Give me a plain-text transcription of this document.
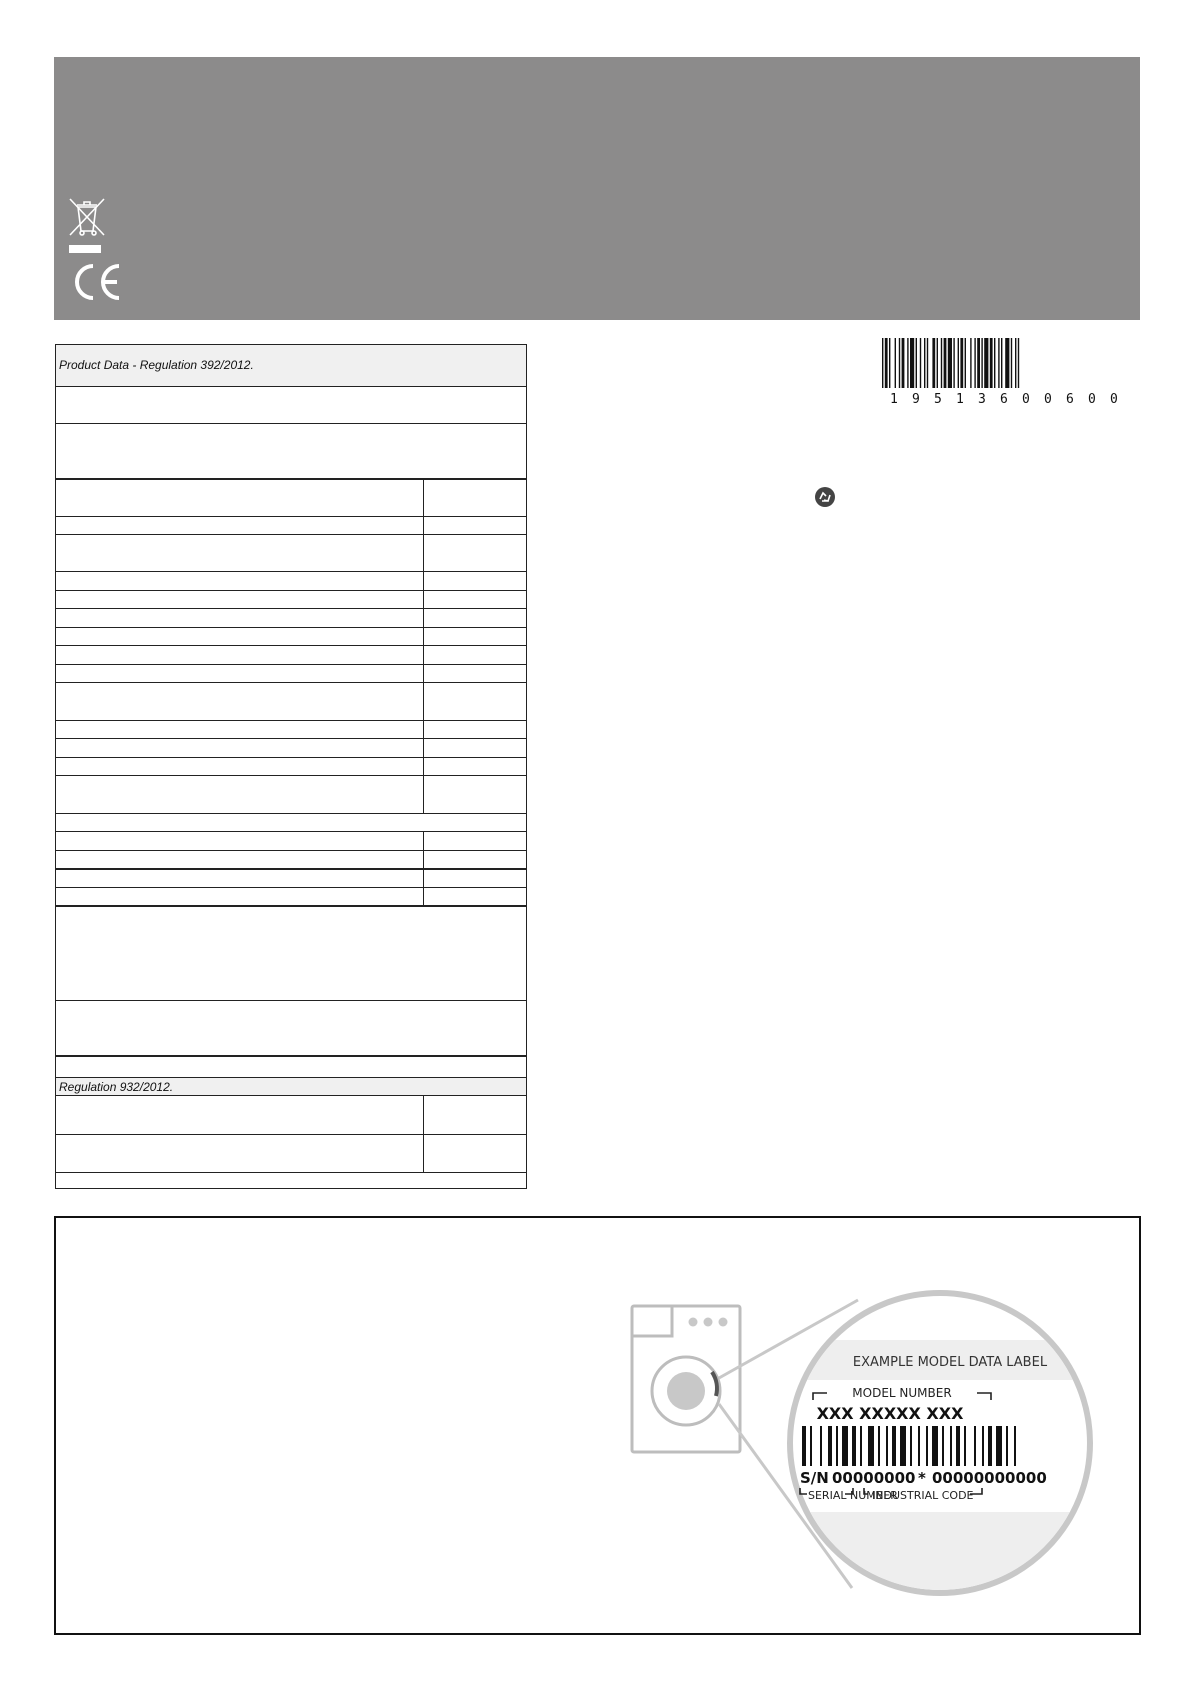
Product Data - Regulation 392/2012.
Regulation 932/2012.
1 9 5 1 3 6 0 0 6 0 0
EXAMPLE MODEL DATA LABEL
MODEL NUMBER
XXX XXXXX XXX
S/N 00000000 * 00000000000
SERIAL NUMBER
INDUSTRIAL CODE
